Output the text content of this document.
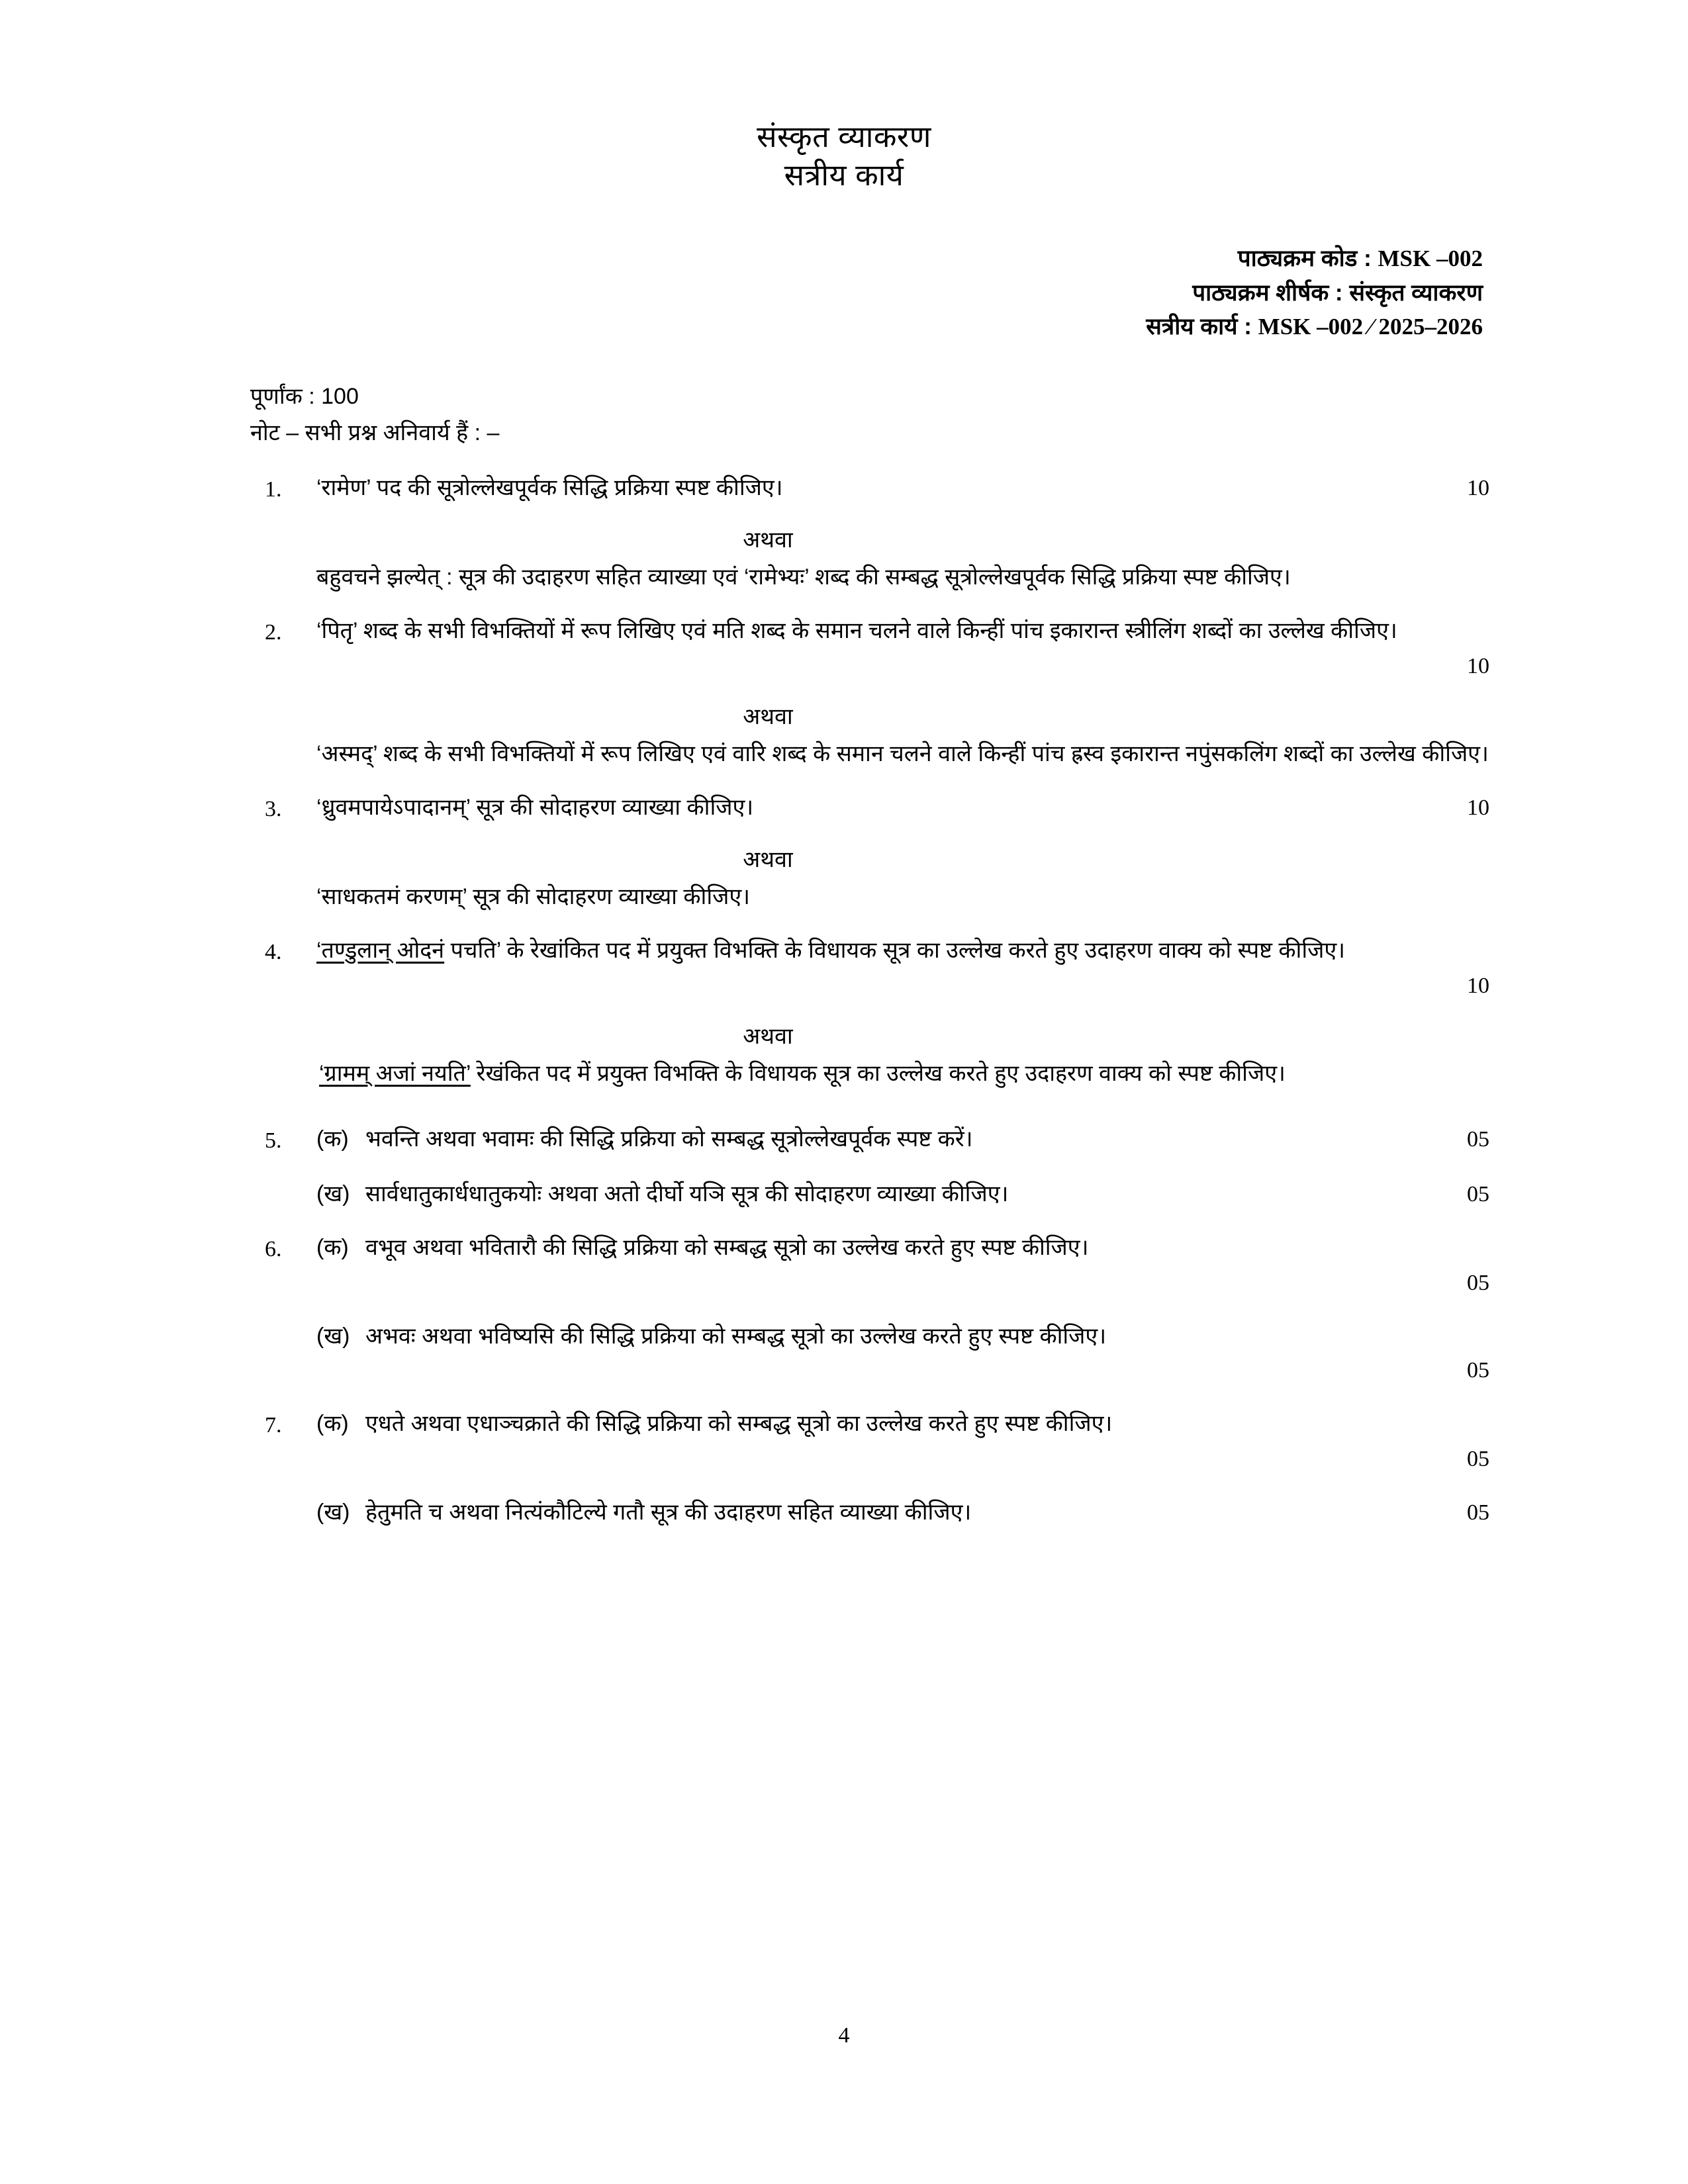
संस्कृत व्याकरण
सत्रीय कार्य
पाठ्यक्रम कोड : MSK –002
पाठ्यक्रम शीर्षक : संस्कृत व्याकरण
सत्रीय कार्य : MSK –002 ⁄ 2025–2026
पूर्णांक : 100
नोट – सभी प्रश्न अनिवार्य हैं : –
1.	‘रामेण’ पद की सूत्रोल्लेखपूर्वक सिद्धि प्रक्रिया स्पष्ट कीजिए।	10
अथवा
बहुवचने झल्येत् : सूत्र की उदाहरण सहित व्याख्या एवं ‘रामेभ्यः’ शब्द की सम्बद्ध सूत्रोल्लेखपूर्वक सिद्धि प्रक्रिया स्पष्ट कीजिए।
2.	‘पितृ’ शब्द के सभी विभक्तियों में रूप लिखिए एवं मति शब्द के समान चलने वाले किन्हीं पांच इकारान्त स्त्रीलिंग शब्दों का उल्लेख कीजिए।
10
अथवा
‘अस्मद्’ शब्द के सभी विभक्तियों में रूप लिखिए एवं वारि शब्द के समान चलने वाले किन्हीं पांच ह्रस्व इकारान्त नपुंसकलिंग शब्दों का उल्लेख कीजिए।
3.	‘ध्रुवमपायेऽपादानम्’ सूत्र की सोदाहरण व्याख्या कीजिए।	10
अथवा
‘साधकतमं करणम्’ सूत्र की सोदाहरण व्याख्या कीजिए।
4.	‘तण्डुलान् ओदनं पचति’ के रेखांकित पद में प्रयुक्त विभक्ति के विधायक सूत्र का उल्लेख करते हुए उदाहरण वाक्य को स्पष्ट कीजिए।
10
अथवा
‘ग्रामम् अजां नयति’ रेखंकित पद में प्रयुक्त विभक्ति के विधायक सूत्र का उल्लेख करते हुए उदाहरण वाक्य को स्पष्ट कीजिए।
5.	(क) भवन्ति अथवा भवामः की सिद्धि प्रक्रिया को सम्बद्ध सूत्रोल्लेखपूर्वक स्पष्ट करें।	05
(ख) सार्वधातुकार्धधातुकयोः अथवा अतो दीर्घो यञि सूत्र की सोदाहरण व्याख्या कीजिए।	05
6.	(क) वभूव अथवा भवितारौ की सिद्धि प्रक्रिया को सम्बद्ध सूत्रो का उल्लेख करते हुए स्पष्ट कीजिए।
05
(ख) अभवः अथवा भविष्यसि की सिद्धि प्रक्रिया को सम्बद्ध सूत्रो का उल्लेख करते हुए स्पष्ट कीजिए।
05
7.	(क) एधते अथवा एधाञ्चक्राते की सिद्धि प्रक्रिया को सम्बद्ध सूत्रो का उल्लेख करते हुए स्पष्ट कीजिए।
05
(ख) हेतुमति च अथवा नित्यंकौटिल्ये गतौ सूत्र की उदाहरण सहित व्याख्या कीजिए।	05
4
